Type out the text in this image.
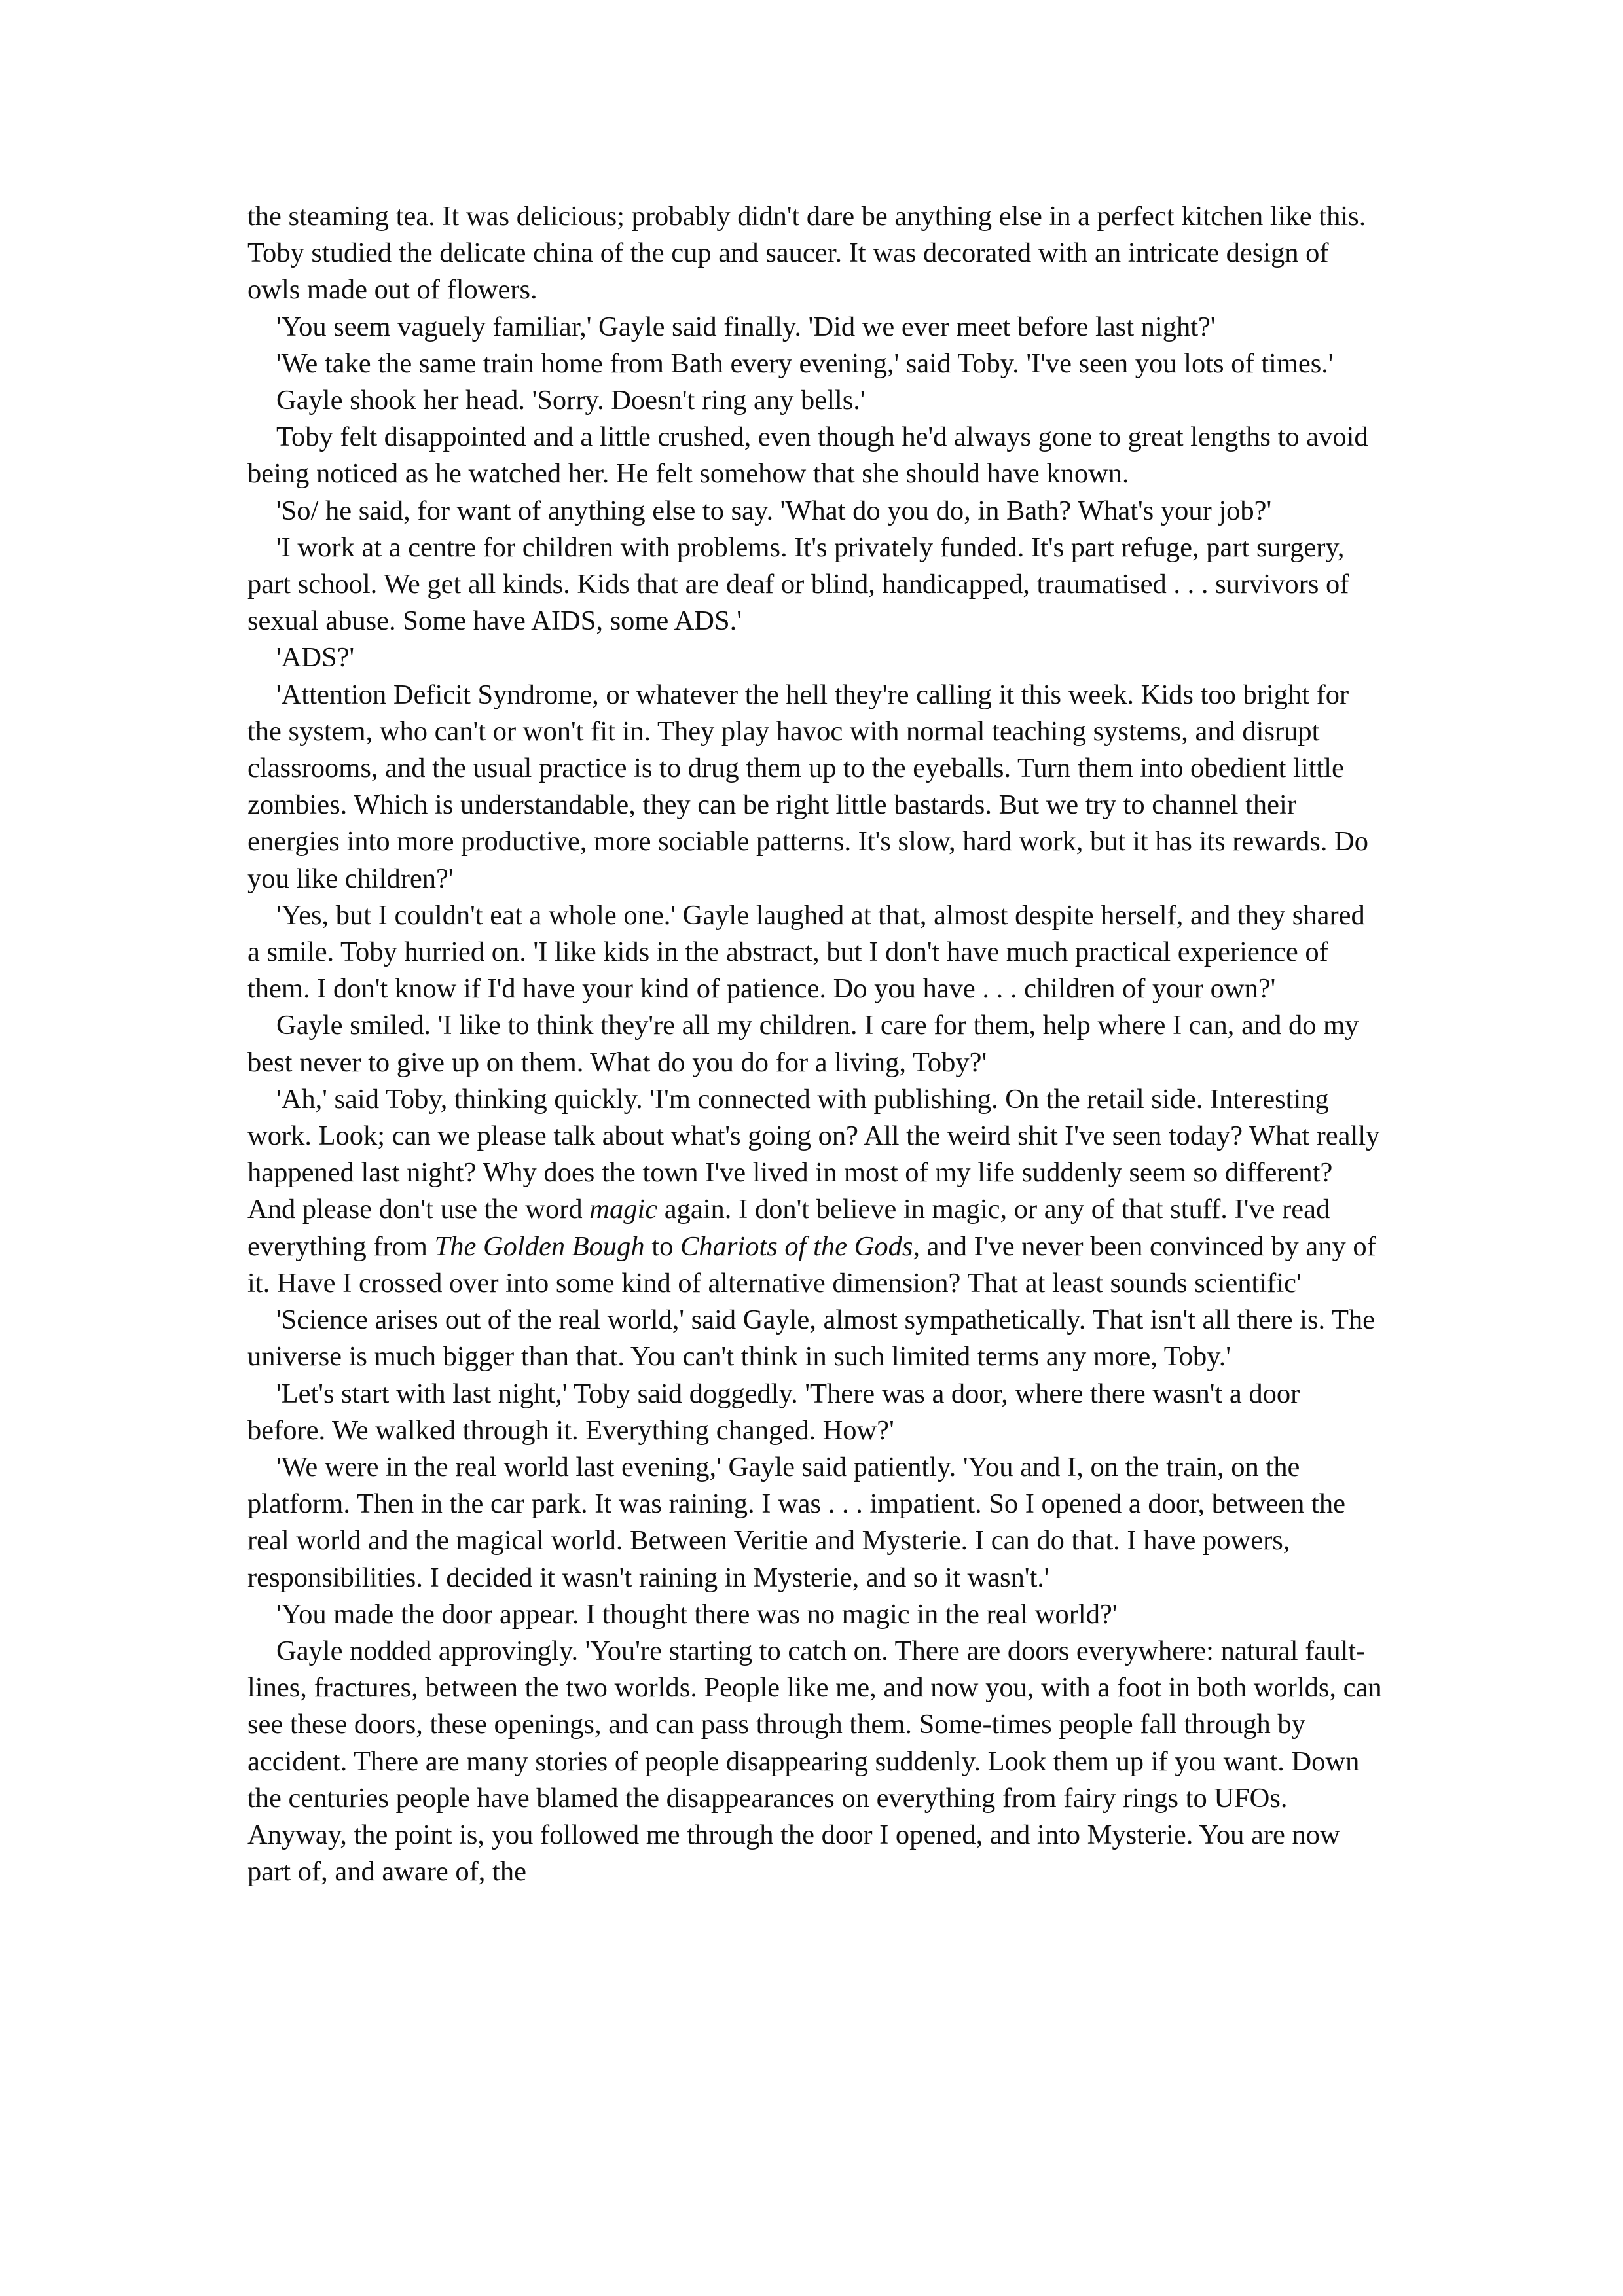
the steaming tea. It was delicious; probably didn't dare be anything else in a perfect kitchen like this. Toby studied the delicate china of the cup and saucer. It was decorated with an intricate design of owls made out of flowers.

'You seem vaguely familiar,' Gayle said finally. 'Did we ever meet before last night?'

'We take the same train home from Bath every evening,' said Toby. 'I've seen you lots of times.'

Gayle shook her head. 'Sorry. Doesn't ring any bells.'

Toby felt disappointed and a little crushed, even though he'd always gone to great lengths to avoid being noticed as he watched her. He felt somehow that she should have known.

'So/ he said, for want of anything else to say. 'What do you do, in Bath? What's your job?'

'I work at a centre for children with problems. It's privately funded. It's part refuge, part surgery, part school. We get all kinds. Kids that are deaf or blind, handicapped, traumatised . . . survivors of sexual abuse. Some have AIDS, some ADS.'

'ADS?'

'Attention Deficit Syndrome, or whatever the hell they're calling it this week. Kids too bright for the system, who can't or won't fit in. They play havoc with normal teaching systems, and disrupt classrooms, and the usual practice is to drug them up to the eyeballs. Turn them into obedient little zombies. Which is understandable, they can be right little bastards. But we try to channel their energies into more productive, more sociable patterns. It's slow, hard work, but it has its rewards. Do you like children?'

'Yes, but I couldn't eat a whole one.' Gayle laughed at that, almost despite herself, and they shared a smile. Toby hurried on. 'I like kids in the abstract, but I don't have much practical experience of them. I don't know if I'd have your kind of patience. Do you have . . . children of your own?'

Gayle smiled. 'I like to think they're all my children. I care for them, help where I can, and do my best never to give up on them. What do you do for a living, Toby?'

'Ah,' said Toby, thinking quickly. 'I'm connected with publishing. On the retail side. Interesting work. Look; can we please talk about what's going on? All the weird shit I've seen today? What really happened last night? Why does the town I've lived in most of my life suddenly seem so different? And please don't use the word magic again. I don't believe in magic, or any of that stuff. I've read everything from The Golden Bough to Chariots of the Gods, and I've never been convinced by any of it. Have I crossed over into some kind of alternative dimension? That at least sounds scientific'

'Science arises out of the real world,' said Gayle, almost sympathetically. That isn't all there is. The universe is much bigger than that. You can't think in such limited terms any more, Toby.'

'Let's start with last night,' Toby said doggedly. 'There was a door, where there wasn't a door before. We walked through it. Everything changed. How?'

'We were in the real world last evening,' Gayle said patiently. 'You and I, on the train, on the platform. Then in the car park. It was raining. I was . . . impatient. So I opened a door, between the real world and the magical world. Between Veritie and Mysterie. I can do that. I have powers, responsibilities. I decided it wasn't raining in Mysterie, and so it wasn't.'

'You made the door appear. I thought there was no magic in the real world?'

Gayle nodded approvingly. 'You're starting to catch on. There are doors everywhere: natural fault-lines, fractures, between the two worlds. People like me, and now you, with a foot in both worlds, can see these doors, these openings, and can pass through them. Some-times people fall through by accident. There are many stories of people disappearing suddenly. Look them up if you want. Down the centuries people have blamed the disappearances on everything from fairy rings to UFOs. Anyway, the point is, you followed me through the door I opened, and into Mysterie. You are now part of, and aware of, the
